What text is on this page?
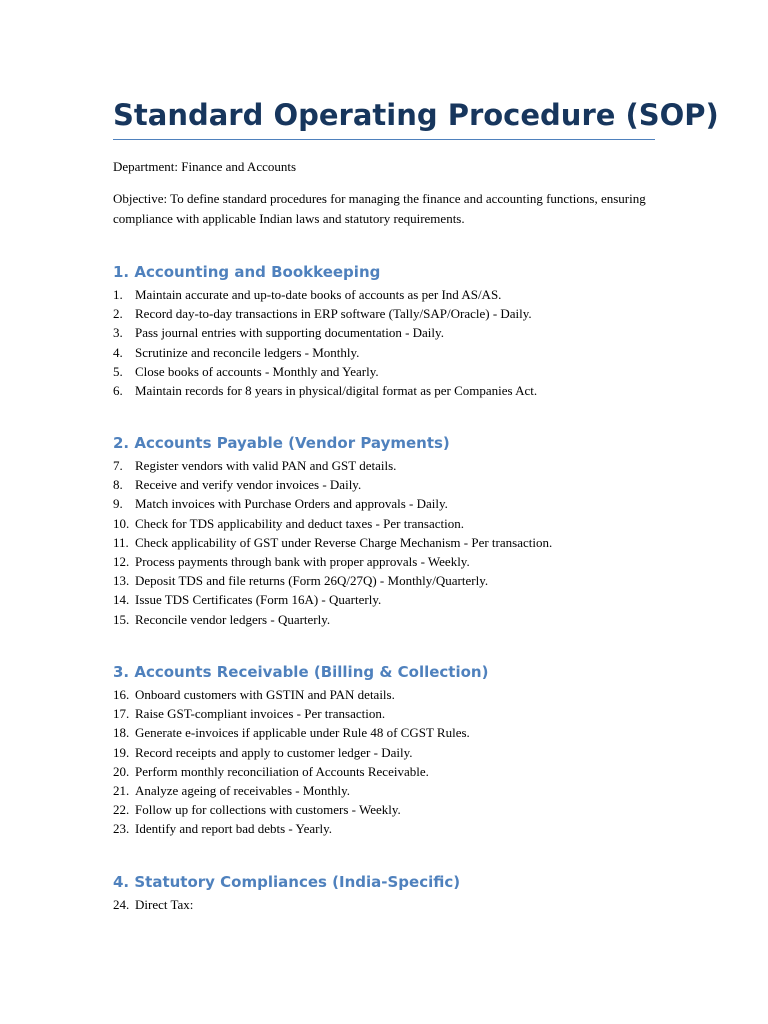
Standard Operating Procedure (SOP)

Department: Finance and Accounts

Objective: To define standard procedures for managing the finance and accounting functions, ensuring compliance with applicable Indian laws and statutory requirements.

1. Accounting and Bookkeeping
1. Maintain accurate and up-to-date books of accounts as per Ind AS/AS.
2. Record day-to-day transactions in ERP software (Tally/SAP/Oracle) - Daily.
3. Pass journal entries with supporting documentation - Daily.
4. Scrutinize and reconcile ledgers - Monthly.
5. Close books of accounts - Monthly and Yearly.
6. Maintain records for 8 years in physical/digital format as per Companies Act.
2. Accounts Payable (Vendor Payments)
7. Register vendors with valid PAN and GST details.
8. Receive and verify vendor invoices - Daily.
9. Match invoices with Purchase Orders and approvals - Daily.
10. Check for TDS applicability and deduct taxes - Per transaction.
11. Check applicability of GST under Reverse Charge Mechanism - Per transaction.
12. Process payments through bank with proper approvals - Weekly.
13. Deposit TDS and file returns (Form 26Q/27Q) - Monthly/Quarterly.
14. Issue TDS Certificates (Form 16A) - Quarterly.
15. Reconcile vendor ledgers - Quarterly.
3. Accounts Receivable (Billing & Collection)
16. Onboard customers with GSTIN and PAN details.
17. Raise GST-compliant invoices - Per transaction.
18. Generate e-invoices if applicable under Rule 48 of CGST Rules.
19. Record receipts and apply to customer ledger - Daily.
20. Perform monthly reconciliation of Accounts Receivable.
21. Analyze ageing of receivables - Monthly.
22. Follow up for collections with customers - Weekly.
23. Identify and report bad debts - Yearly.
4. Statutory Compliances (India-Specific)
24. Direct Tax:
